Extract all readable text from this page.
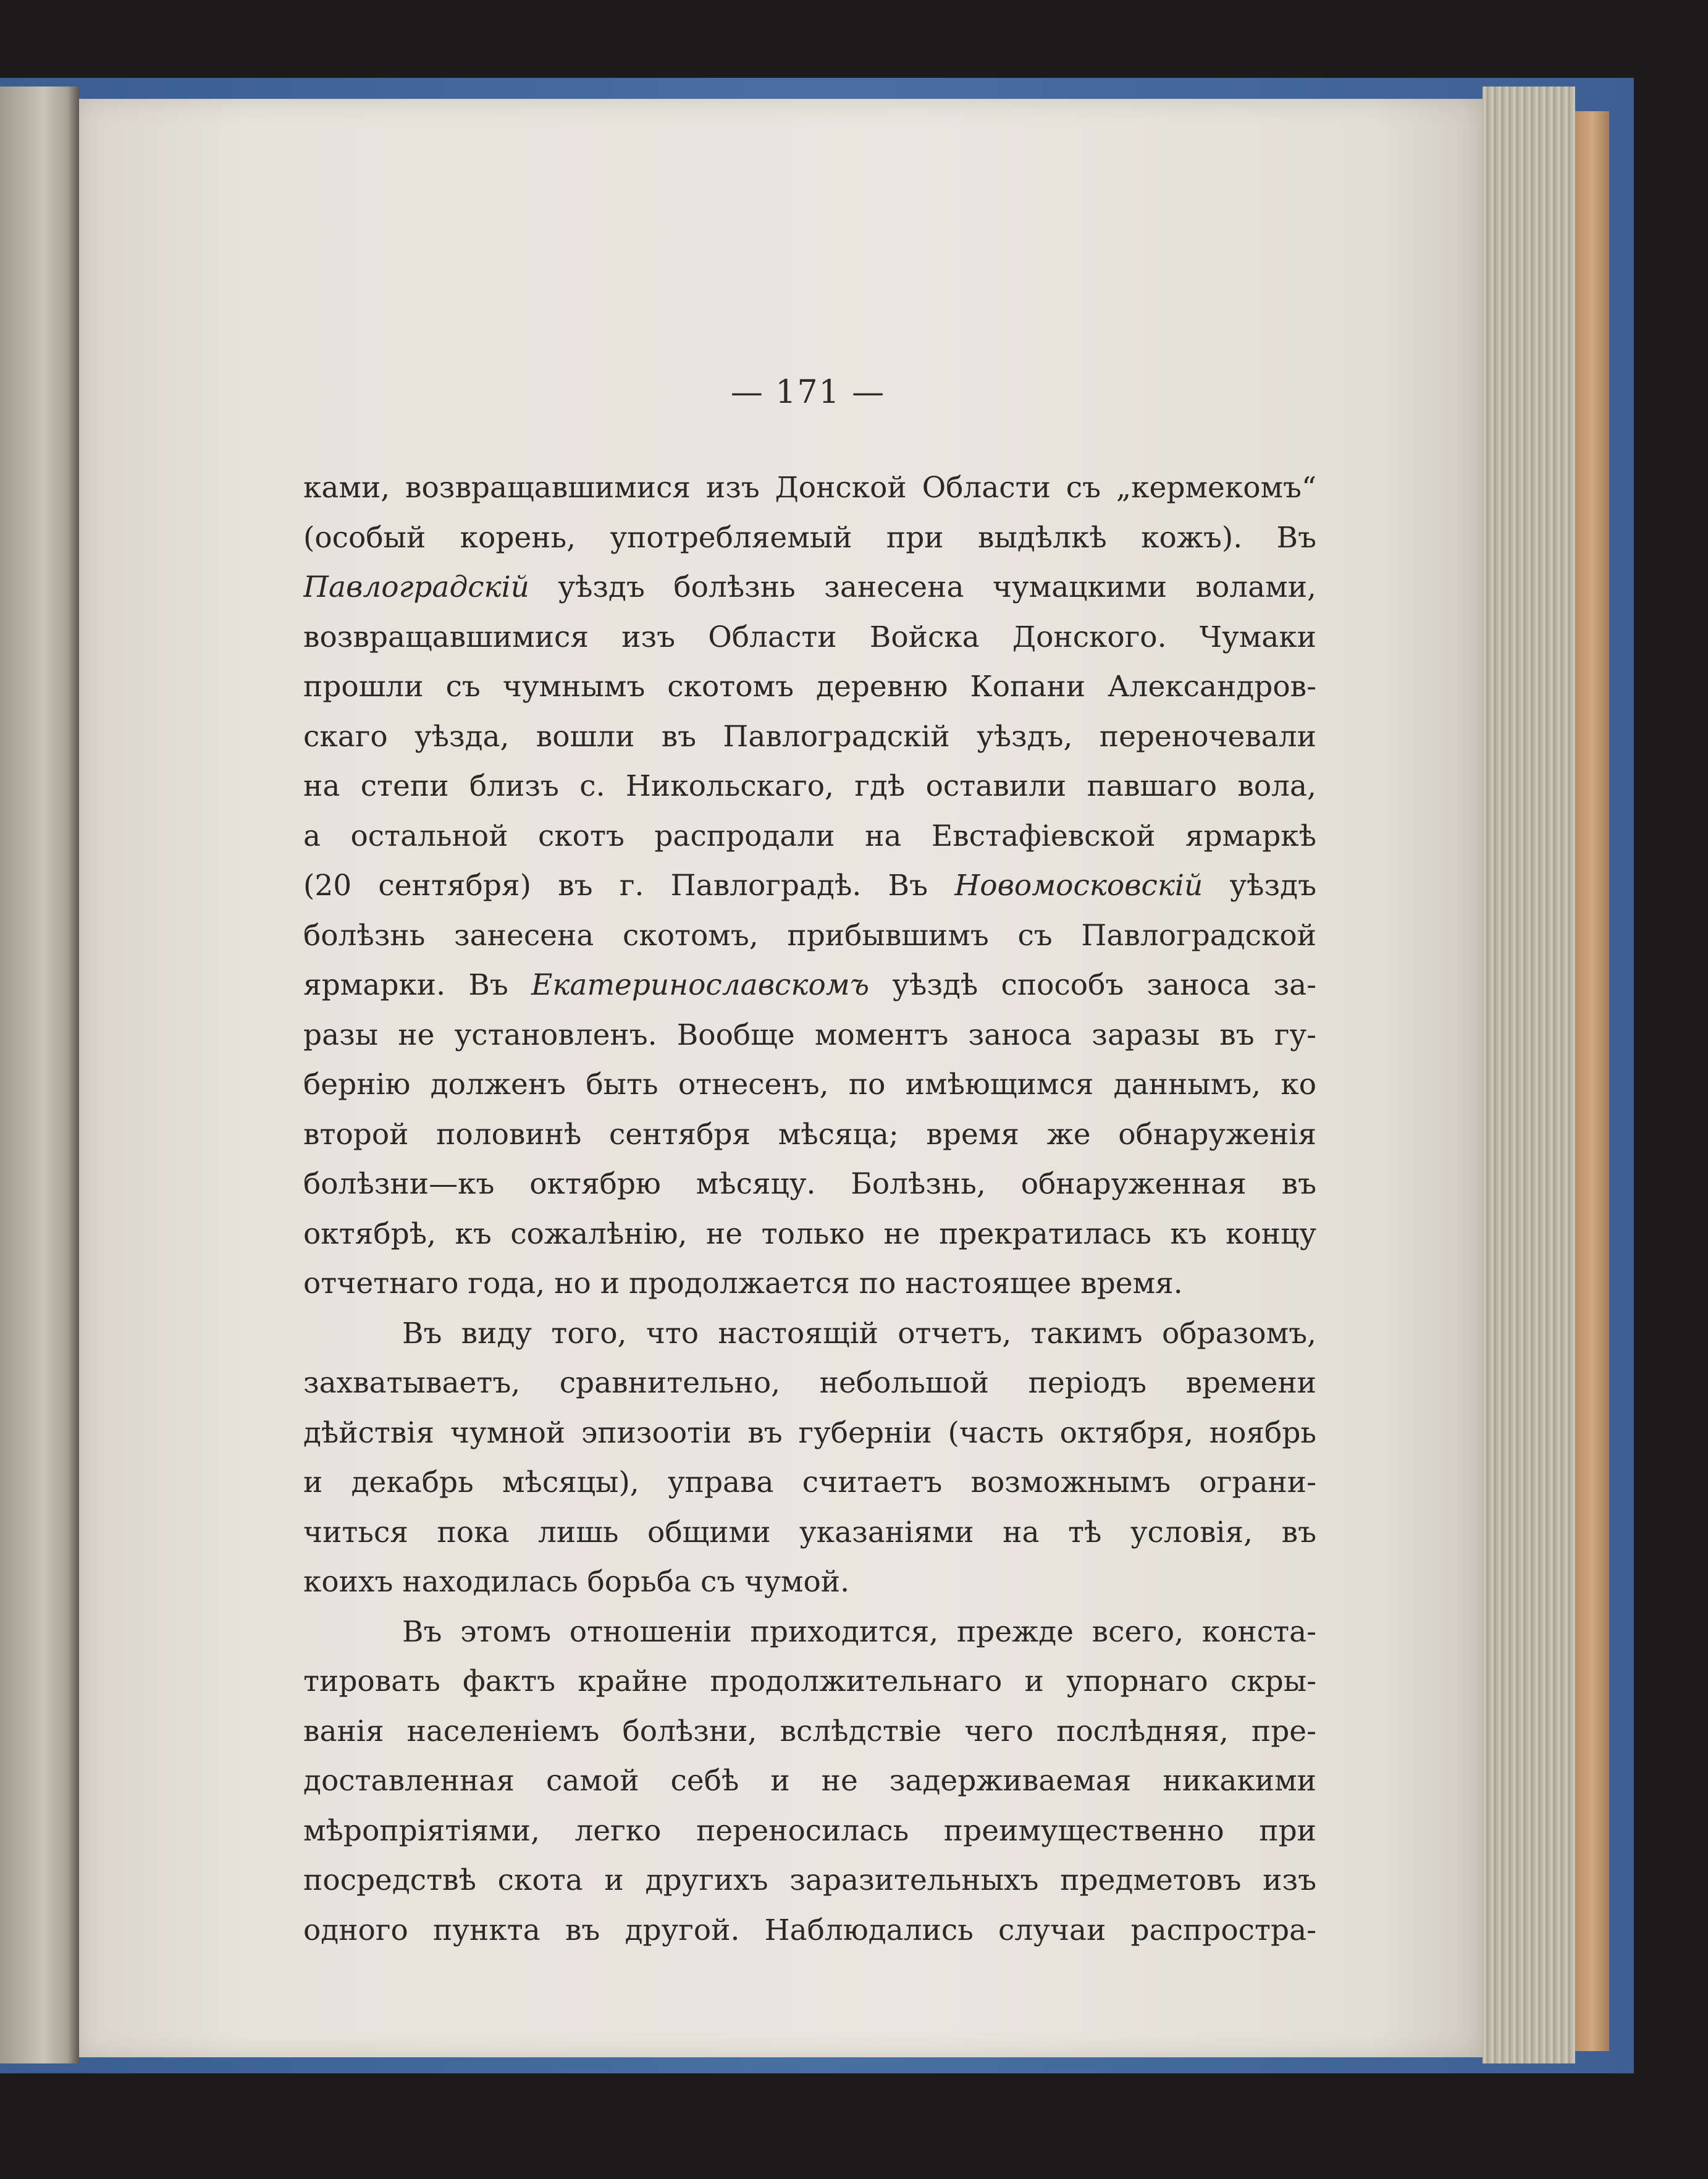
— 171 —
ками, возвращавшимися изъ Донской Области съ „кермекомъ“
(особый корень, употребляемый при выдѣлкѣ кожъ). Въ
Павлоградскій уѣздъ болѣзнь занесена чумацкими волами,
возвращавшимися изъ Области Войска Донского. Чумаки
прошли съ чумнымъ скотомъ деревню Копани Александров-
скаго уѣзда, вошли въ Павлоградскій уѣздъ, переночевали
на степи близъ с. Никольскаго, гдѣ оставили павшаго вола,
а остальной скотъ распродали на Евстафіевской ярмаркѣ
(20 сентября) въ г. Павлоградѣ. Въ Новомосковскій уѣздъ
болѣзнь занесена скотомъ, прибывшимъ съ Павлоградской
ярмарки. Въ Екатеринославскомъ уѣздѣ способъ заноса за-
разы не установленъ. Вообще моментъ заноса заразы въ гу-
бернію долженъ быть отнесенъ, по имѣющимся даннымъ, ко
второй половинѣ сентября мѣсяца; время же обнаруженія
болѣзни—къ октябрю мѣсяцу. Болѣзнь, обнаруженная въ
октябрѣ, къ сожалѣнію, не только не прекратилась къ концу
отчетнаго года, но и продолжается по настоящее время.
Въ виду того, что настоящій отчетъ, такимъ образомъ,
захватываетъ, сравнительно, небольшой періодъ времени
дѣйствія чумной эпизоотіи въ губерніи (часть октября, ноябрь
и декабрь мѣсяцы), управа считаетъ возможнымъ ограни-
читься пока лишь общими указаніями на тѣ условія, въ
коихъ находилась борьба съ чумой.
Въ этомъ отношеніи приходится, прежде всего, конста-
тировать фактъ крайне продолжительнаго и упорнаго скры-
ванія населеніемъ болѣзни, вслѣдствіе чего послѣдняя, пре-
доставленная самой себѣ и не задерживаемая никакими
мѣропріятіями, легко переносилась преимущественно при
посредствѣ скота и другихъ заразительныхъ предметовъ изъ
одного пункта въ другой. Наблюдались случаи распростра-
